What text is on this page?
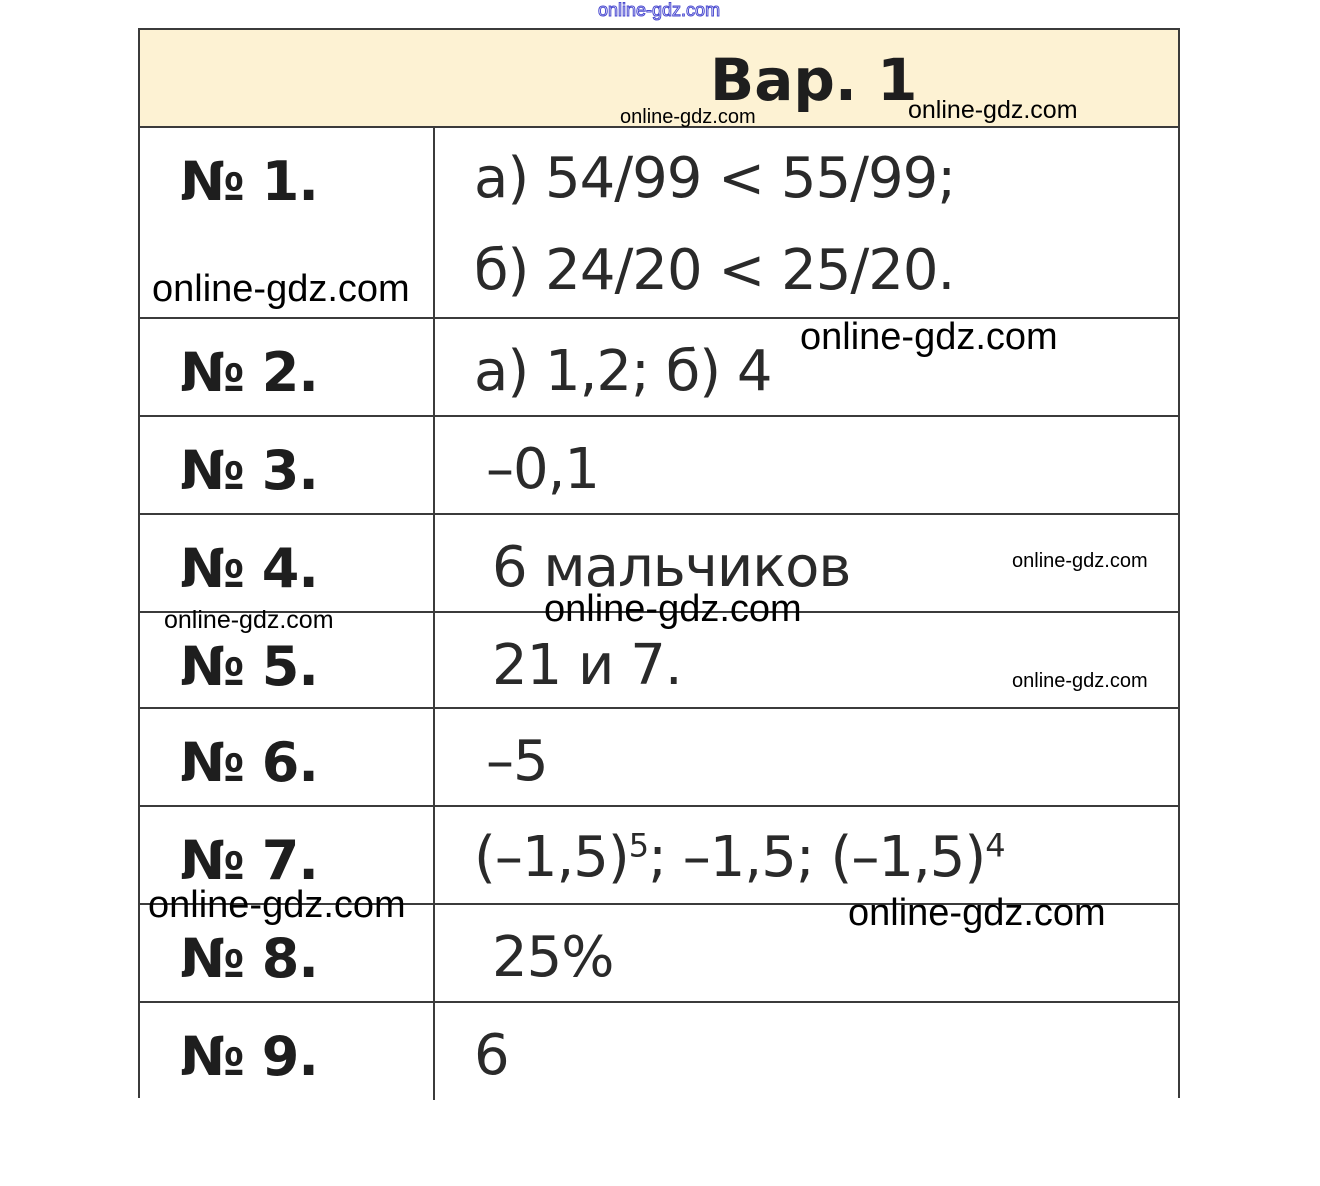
Вар. 1
№ 1.	а) 54/99 < 55/99;
б) 24/20 < 25/20.
№ 2.	а) 1,2; б) 4
№ 3.	–0,1
№ 4.	6 мальчиков
№ 5.	21 и 7.
№ 6.	–5
№ 7.	$(-1,5)^5$; –1,5; $(-1,5)^4$
№ 8.	25%
№ 9.	6
online-gdz.com
online-gdz.com	online-gdz.com
online-gdz.com
online-gdz.com
online-gdz.com
online-gdz.com
online-gdz.com
online-gdz.com
online-gdz.com	online-gdz.com
